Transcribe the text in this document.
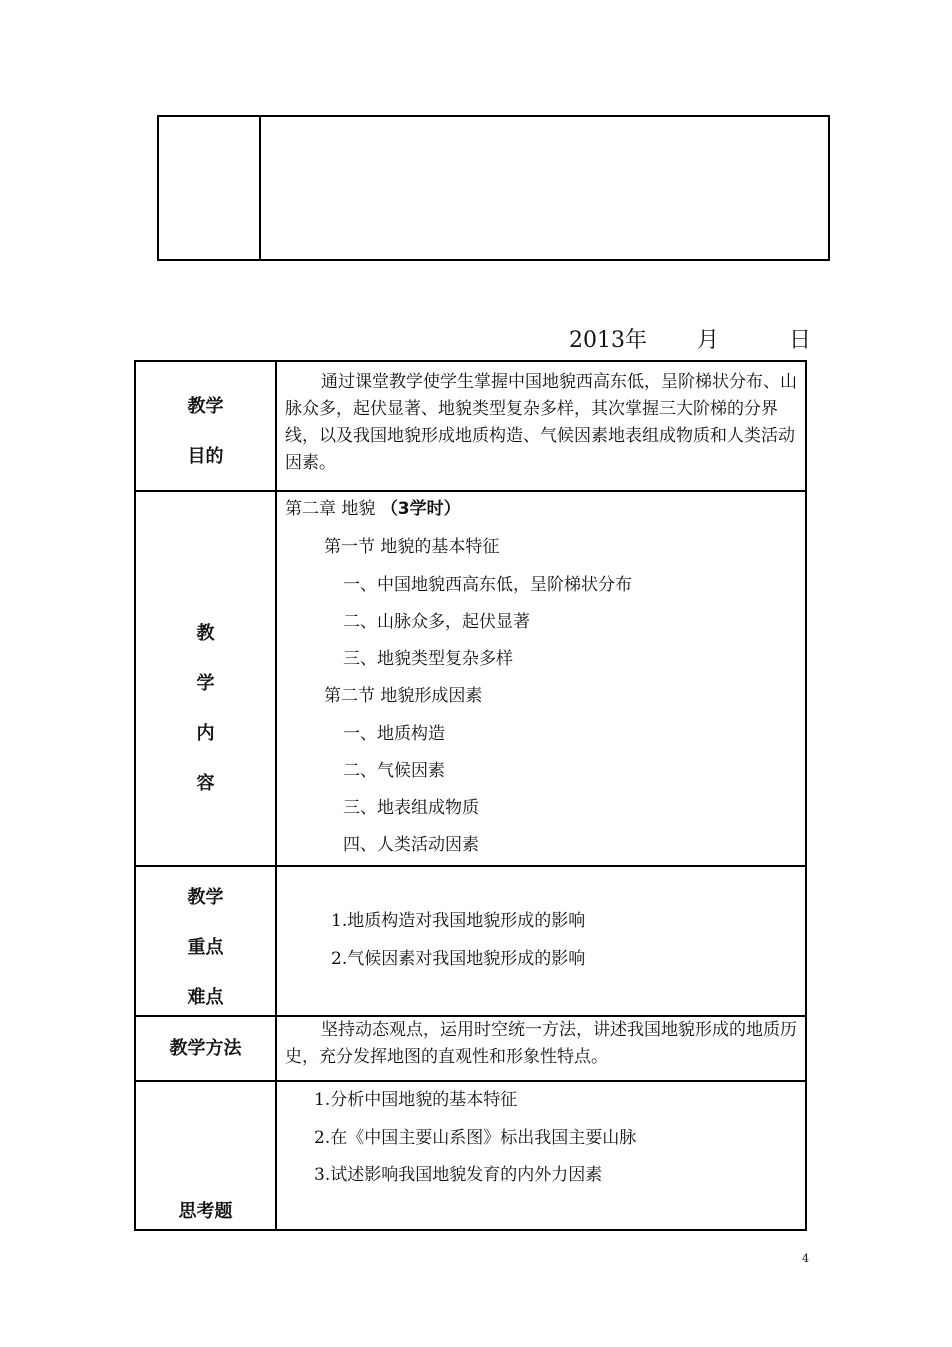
2013年 月	日
教学
目的
通过课堂教学使学生掌握中国地貌西高东低，呈阶梯状分布、山脉众多，起伏显著、地貌类型复杂多样，其次掌握三大阶梯的分界线，以及我国地貌形成地质构造、气候因素地表组成物质和人类活动因素。
教
学
内
容
第二章 地貌 （3学时）
第一节 地貌的基本特征
一、中国地貌西高东低，呈阶梯状分布
二、山脉众多，起伏显著
三、地貌类型复杂多样
第二节 地貌形成因素
一、地质构造
二、气候因素
三、地表组成物质
四、人类活动因素
教学
重点
难点
1.地质构造对我国地貌形成的影响
2.气候因素对我国地貌形成的影响
教学方法
坚持动态观点，运用时空统一方法，讲述我国地貌形成的地质历史，充分发挥地图的直观性和形象性特点。
思考题
1.分析中国地貌的基本特征
2.在《中国主要山系图》标出我国主要山脉
3.试述影响我国地貌发育的内外力因素
4
